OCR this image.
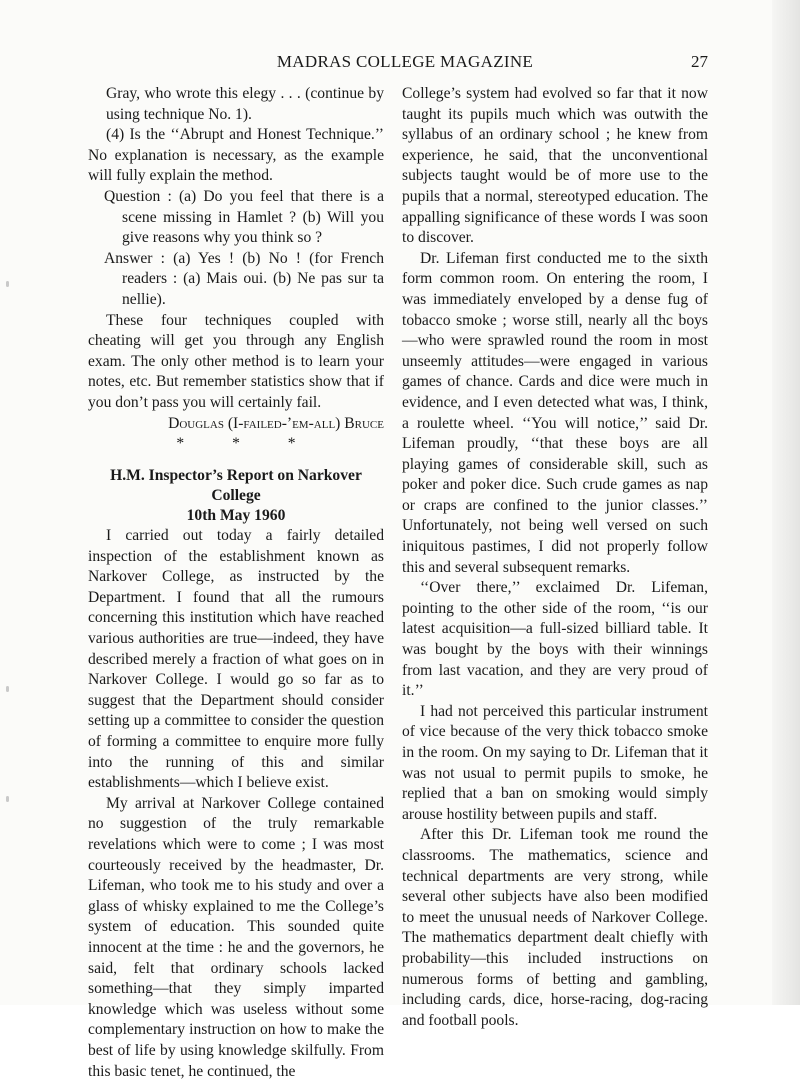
MADRAS COLLEGE MAGAZINE	27

Gray, who wrote this elegy . . . (continue by using technique No. 1).

(4) Is the ‘‘Abrupt and Honest Technique.’’ No explanation is necessary, as the example will fully explain the method.

Question : (a) Do you feel that there is a scene missing in Hamlet ? (b) Will you give reasons why you think so ?

Answer : (a) Yes ! (b) No ! (for French readers : (a) Mais oui. (b) Ne pas sur ta nellie).

These four techniques coupled with cheating will get you through any English exam. The only other method is to learn your notes, etc. But remember statistics show that if you don’t pass you will certainly fail.

Douglas (I-failed-’em-all) Bruce

* * *

H.M. Inspector’s Report on Narkover College
10th May 1960

I carried out today a fairly detailed inspection of the establishment known as Narkover College, as instructed by the Department. I found that all the rumours concerning this institution which have reached various authorities are true—indeed, they have described merely a fraction of what goes on in Narkover College. I would go so far as to suggest that the Department should consider setting up a committee to consider the question of forming a committee to enquire more fully into the running of this and similar establishments—which I believe exist.

My arrival at Narkover College contained no suggestion of the truly remarkable revelations which were to come ; I was most courteously received by the headmaster, Dr. Lifeman, who took me to his study and over a glass of whisky explained to me the College’s system of education. This sounded quite innocent at the time : he and the governors, he said, felt that ordinary schools lacked something—that they simply imparted knowledge which was useless without some complementary instruction on how to make the best of life by using knowledge skilfully. From this basic tenet, he continued, the

College’s system had evolved so far that it now taught its pupils much which was outwith the syllabus of an ordinary school ; he knew from experience, he said, that the unconventional subjects taught would be of more use to the pupils that a normal, stereotyped education. The appalling significance of these words I was soon to discover.

Dr. Lifeman first conducted me to the sixth form common room. On entering the room, I was immediately enveloped by a dense fug of tobacco smoke ; worse still, nearly all thc boys—who were sprawled round the room in most unseemly attitudes—were engaged in various games of chance. Cards and dice were much in evidence, and I even detected what was, I think, a roulette wheel. ‘‘You will notice,’’ said Dr. Lifeman proudly, ‘‘that these boys are all playing games of considerable skill, such as poker and poker dice. Such crude games as nap or craps are confined to the junior classes.’’ Unfortunately, not being well versed on such iniquitous pastimes, I did not properly follow this and several subsequent remarks.

‘‘Over there,’’ exclaimed Dr. Lifeman, pointing to the other side of the room, ‘‘is our latest acquisition—a full-sized billiard table. It was bought by the boys with their winnings from last vacation, and they are very proud of it.’’

I had not perceived this particular instrument of vice because of the very thick tobacco smoke in the room. On my saying to Dr. Lifeman that it was not usual to permit pupils to smoke, he replied that a ban on smoking would simply arouse hostility between pupils and staff.

After this Dr. Lifeman took me round the classrooms. The mathematics, science and technical departments are very strong, while several other subjects have also been modified to meet the unusual needs of Narkover College. The mathematics department dealt chiefly with probability—this included instructions on numerous forms of betting and gambling, including cards, dice, horse-racing, dog-racing and football pools.
